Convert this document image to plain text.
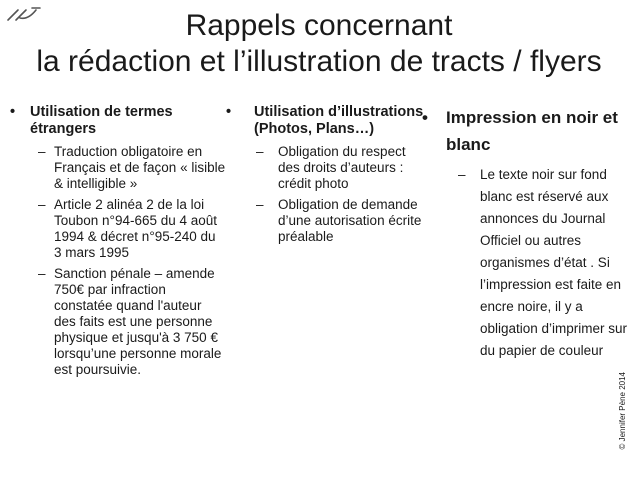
Rappels concernant
la rédaction et l’illustration de tracts / flyers
• Utilisation de termes étrangers
– Traduction obligatoire en Français et de façon « lisible & intelligible »
– Article 2 alinéa 2 de la loi Toubon n°94-665 du 4 août 1994 & décret n°95-240 du 3 mars 1995
– Sanction pénale – amende 750€ par infraction constatée quand l'auteur des faits est une personne physique et jusqu'à 3 750 € lorsqu’une personne morale est poursuivie.
• Utilisation d’illustrations (Photos, Plans…)
– Obligation du respect des droits d’auteurs : crédit photo
– Obligation de demande d’une autorisation écrite préalable
• Impression en noir et blanc
– Le texte noir sur fond blanc est réservé aux annonces du Journal Officiel ou autres organismes d’état . Si l’impression est faite en encre noire, il y a obligation d’imprimer sur du papier de couleur
© Jennifer Pène 2014
